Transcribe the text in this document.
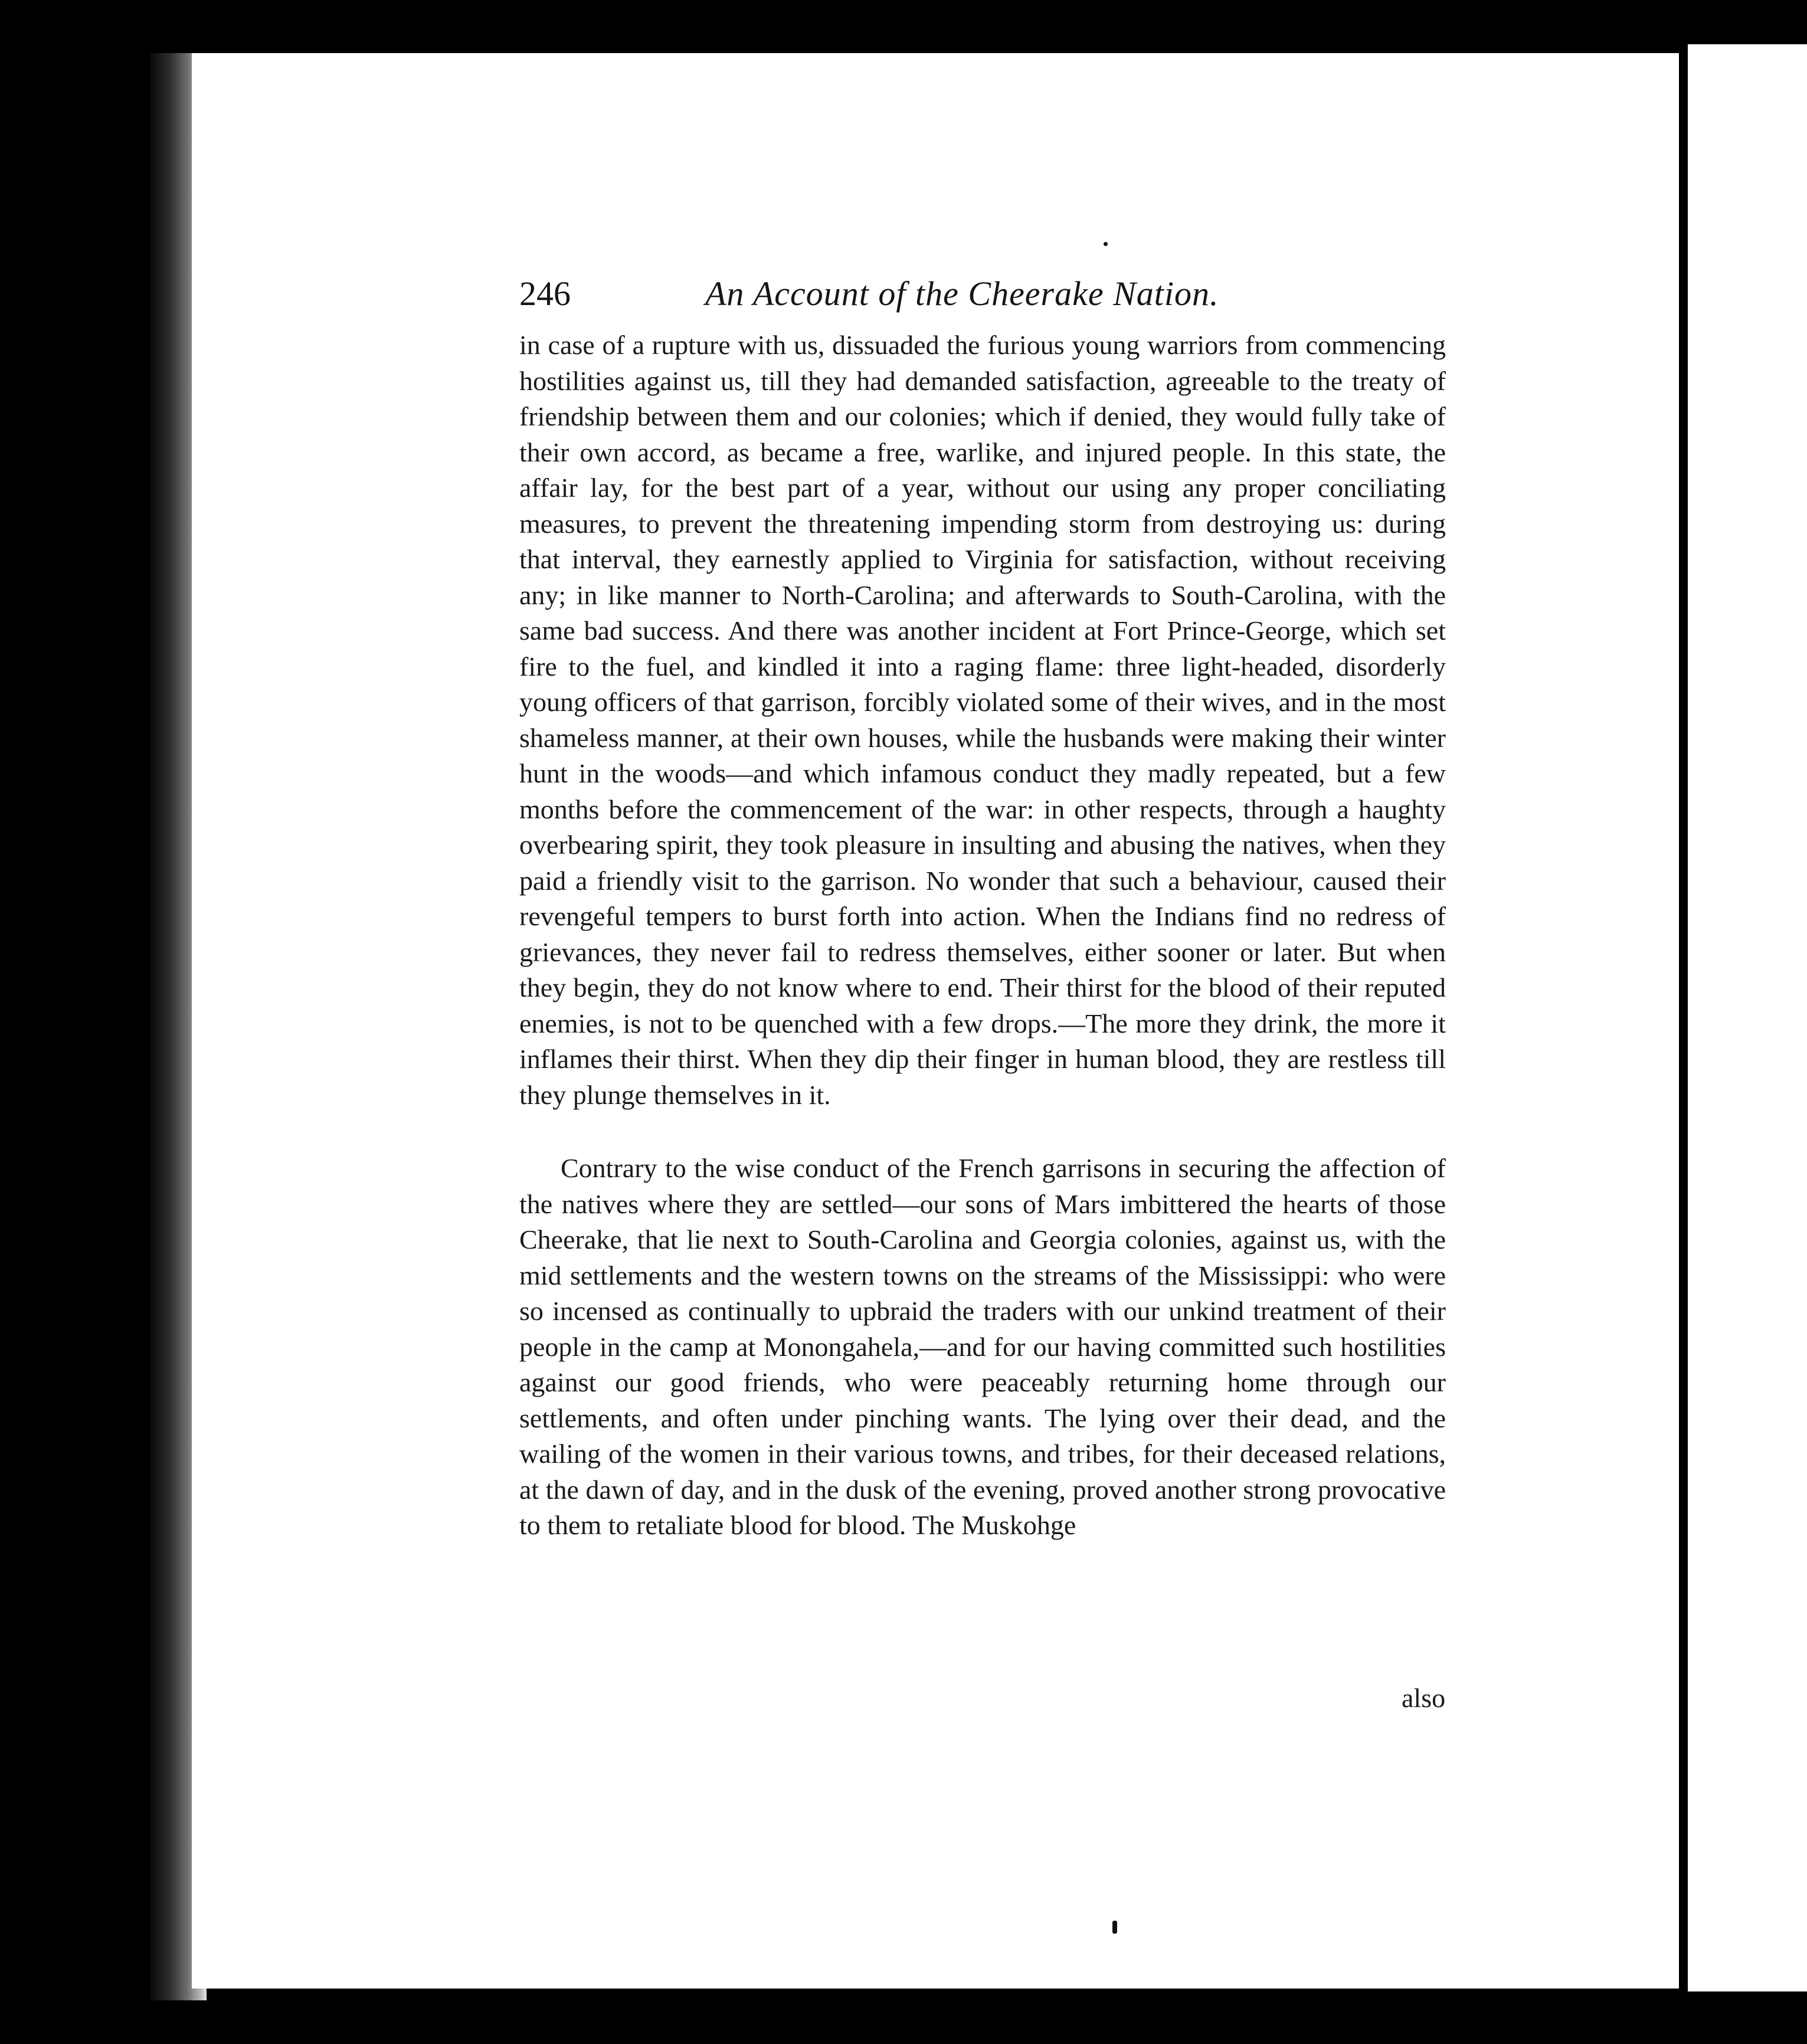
246	An Account of the Cheerake Nation.

in case of a rupture with us, dissuaded the furious young warriors from commencing hostilities against us, till they had demanded satisfaction, agreeable to the treaty of friendship between them and our colonies; which if denied, they would fully take of their own accord, as became a free, warlike, and injured people. In this state, the affair lay, for the best part of a year, without our using any proper conciliating measures, to prevent the threatening impending storm from destroying us: during that interval, they earnestly applied to Virginia for satisfaction, without receiving any; in like manner to North-Carolina; and afterwards to South-Carolina, with the same bad success. And there was another incident at Fort Prince-George, which set fire to the fuel, and kindled it into a raging flame: three light-headed, disorderly young officers of that garrison, forcibly violated some of their wives, and in the most shameless manner, at their own houses, while the husbands were making their winter hunt in the woods—and which infamous conduct they madly repeated, but a few months before the commencement of the war: in other respects, through a haughty overbearing spirit, they took pleasure in insulting and abusing the natives, when they paid a friendly visit to the garrison. No wonder that such a behaviour, caused their revengeful tempers to burst forth into action. When the Indians find no redress of grievances, they never fail to redress themselves, either sooner or later. But when they begin, they do not know where to end. Their thirst for the blood of their reputed enemies, is not to be quenched with a few drops.—The more they drink, the more it inflames their thirst. When they dip their finger in human blood, they are restless till they plunge themselves in it.

Contrary to the wise conduct of the French garrisons in securing the affection of the natives where they are settled—our sons of Mars imbittered the hearts of those Cheerake, that lie next to South-Carolina and Georgia colonies, against us, with the mid settlements and the western towns on the streams of the Mississippi: who were so incensed as continually to upbraid the traders with our unkind treatment of their people in the camp at Monongahela,—and for our having committed such hostilities against our good friends, who were peaceably returning home through our settlements, and often under pinching wants. The lying over their dead, and the wailing of the women in their various towns, and tribes, for their deceased relations, at the dawn of day, and in the dusk of the evening, proved another strong provocative to them to retaliate blood for blood. The Muskohge

also
